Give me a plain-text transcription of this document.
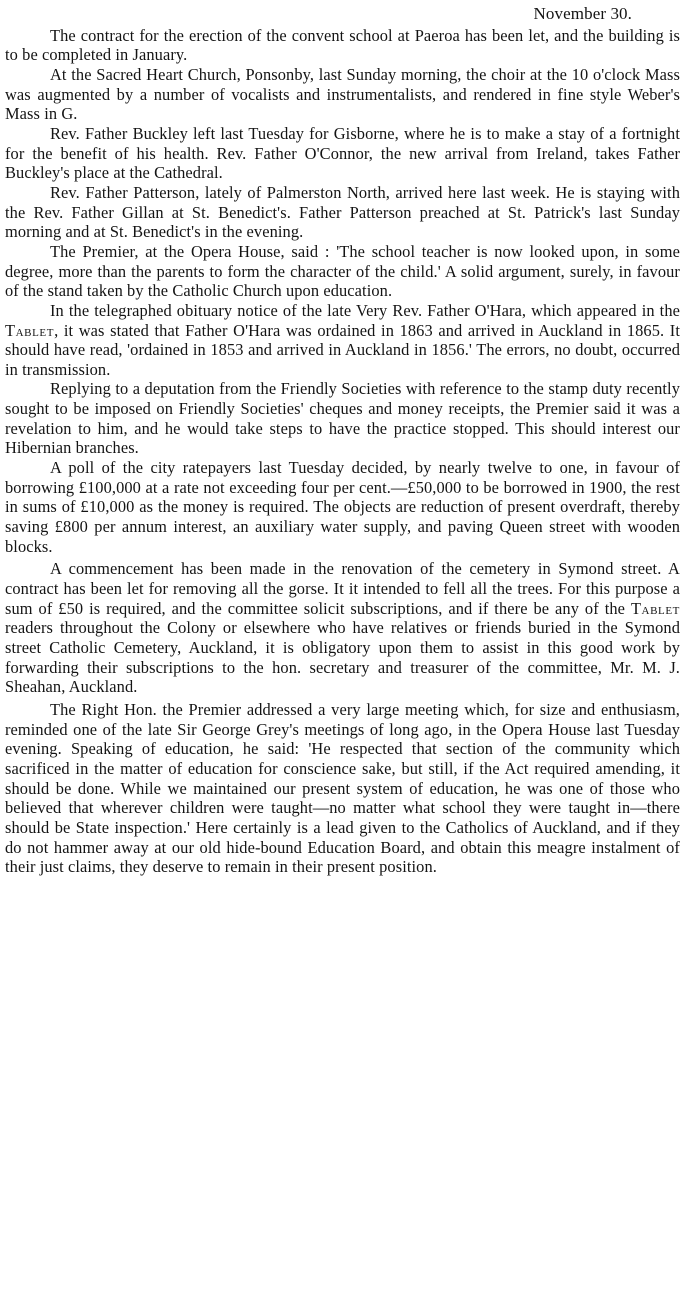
November 30.

The contract for the erection of the convent school at Paeroa has been let, and the building is to be completed in January.

At the Sacred Heart Church, Ponsonby, last Sunday morning, the choir at the 10 o'clock Mass was augmented by a number of vocalists and instrumentalists, and rendered in fine style Weber's Mass in G.

Rev. Father Buckley left last Tuesday for Gisborne, where he is to make a stay of a fortnight for the benefit of his health. Rev. Father O'Connor, the new arrival from Ireland, takes Father Buckley's place at the Cathedral.

Rev. Father Patterson, lately of Palmerston North, arrived here last week. He is staying with the Rev. Father Gillan at St. Benedict's. Father Patterson preached at St. Patrick's last Sunday morning and at St. Benedict's in the evening.

The Premier, at the Opera House, said : 'The school teacher is now looked upon, in some degree, more than the parents to form the character of the child.' A solid argument, surely, in favour of the stand taken by the Catholic Church upon education.

In the telegraphed obituary notice of the late Very Rev. Father O'Hara, which appeared in the Tablet, it was stated that Father O'Hara was ordained in 1863 and arrived in Auckland in 1865. It should have read, 'ordained in 1853 and arrived in Auckland in 1856.' The errors, no doubt, occurred in transmission.

Replying to a deputation from the Friendly Societies with reference to the stamp duty recently sought to be imposed on Friendly Societies' cheques and money receipts, the Premier said it was a revelation to him, and he would take steps to have the practice stopped. This should interest our Hibernian branches.

A poll of the city ratepayers last Tuesday decided, by nearly twelve to one, in favour of borrowing £100,000 at a rate not exceeding four per cent.—£50,000 to be borrowed in 1900, the rest in sums of £10,000 as the money is required. The objects are reduction of present overdraft, thereby saving £800 per annum interest, an auxiliary water supply, and paving Queen street with wooden blocks.

A commencement has been made in the renovation of the cemetery in Symond street. A contract has been let for removing all the gorse. It it intended to fell all the trees. For this purpose a sum of £50 is required, and the committee solicit subscriptions, and if there be any of the Tablet readers throughout the Colony or elsewhere who have relatives or friends buried in the Symond street Catholic Cemetery, Auckland, it is obligatory upon them to assist in this good work by forwarding their subscriptions to the hon. secretary and treasurer of the committee, Mr. M. J. Sheahan, Auckland.

The Right Hon. the Premier addressed a very large meeting which, for size and enthusiasm, reminded one of the late Sir George Grey's meetings of long ago, in the Opera House last Tuesday evening. Speaking of education, he said: 'He respected that section of the community which sacrificed in the matter of education for conscience sake, but still, if the Act required amending, it should be done. While we maintained our present system of education, he was one of those who believed that wherever children were taught—no matter what school they were taught in—there should be State inspection.' Here certainly is a lead given to the Catholics of Auckland, and if they do not hammer away at our old hide-bound Education Board, and obtain this meagre instalment of their just claims, they deserve to remain in their present position.
